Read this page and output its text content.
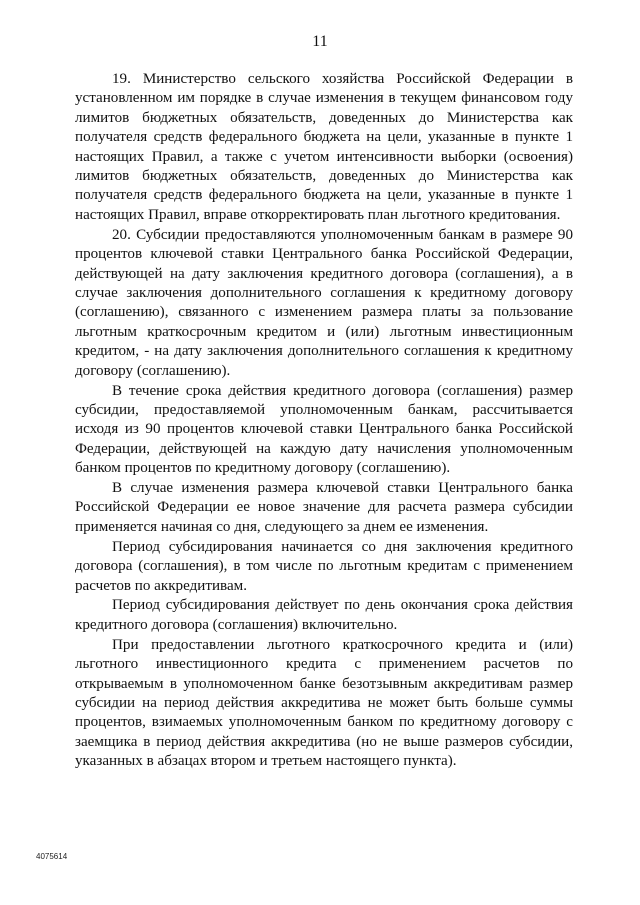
11

19. Министерство сельского хозяйства Российской Федерации в установленном им порядке в случае изменения в текущем финансовом году лимитов бюджетных обязательств, доведенных до Министерства как получателя средств федерального бюджета на цели, указанные в пункте 1 настоящих Правил, а также с учетом интенсивности выборки (освоения) лимитов бюджетных обязательств, доведенных до Министерства как получателя средств федерального бюджета на цели, указанные в пункте 1 настоящих Правил, вправе откорректировать план льготного кредитования.

20. Субсидии предоставляются уполномоченным банкам в размере 90 процентов ключевой ставки Центрального банка Российской Федерации, действующей на дату заключения кредитного договора (соглашения), а в случае заключения дополнительного соглашения к кредитному договору (соглашению), связанного с изменением размера платы за пользование льготным краткосрочным кредитом и (или) льготным инвестиционным кредитом, - на дату заключения дополнительного соглашения к кредитному договору (соглашению).

В течение срока действия кредитного договора (соглашения) размер субсидии, предоставляемой уполномоченным банкам, рассчитывается исходя из 90 процентов ключевой ставки Центрального банка Российской Федерации, действующей на каждую дату начисления уполномоченным банком процентов по кредитному договору (соглашению).

В случае изменения размера ключевой ставки Центрального банка Российской Федерации ее новое значение для расчета размера субсидии применяется начиная со дня, следующего за днем ее изменения.

Период субсидирования начинается со дня заключения кредитного договора (соглашения), в том числе по льготным кредитам с применением расчетов по аккредитивам.

Период субсидирования действует по день окончания срока действия кредитного договора (соглашения) включительно.

При предоставлении льготного краткосрочного кредита и (или) льготного инвестиционного кредита с применением расчетов по открываемым в уполномоченном банке безотзывным аккредитивам размер субсидии на период действия аккредитива не может быть больше суммы процентов, взимаемых уполномоченным банком по кредитному договору с заемщика в период действия аккредитива (но не выше размеров субсидии, указанных в абзацах втором и третьем настоящего пункта).

4075614
